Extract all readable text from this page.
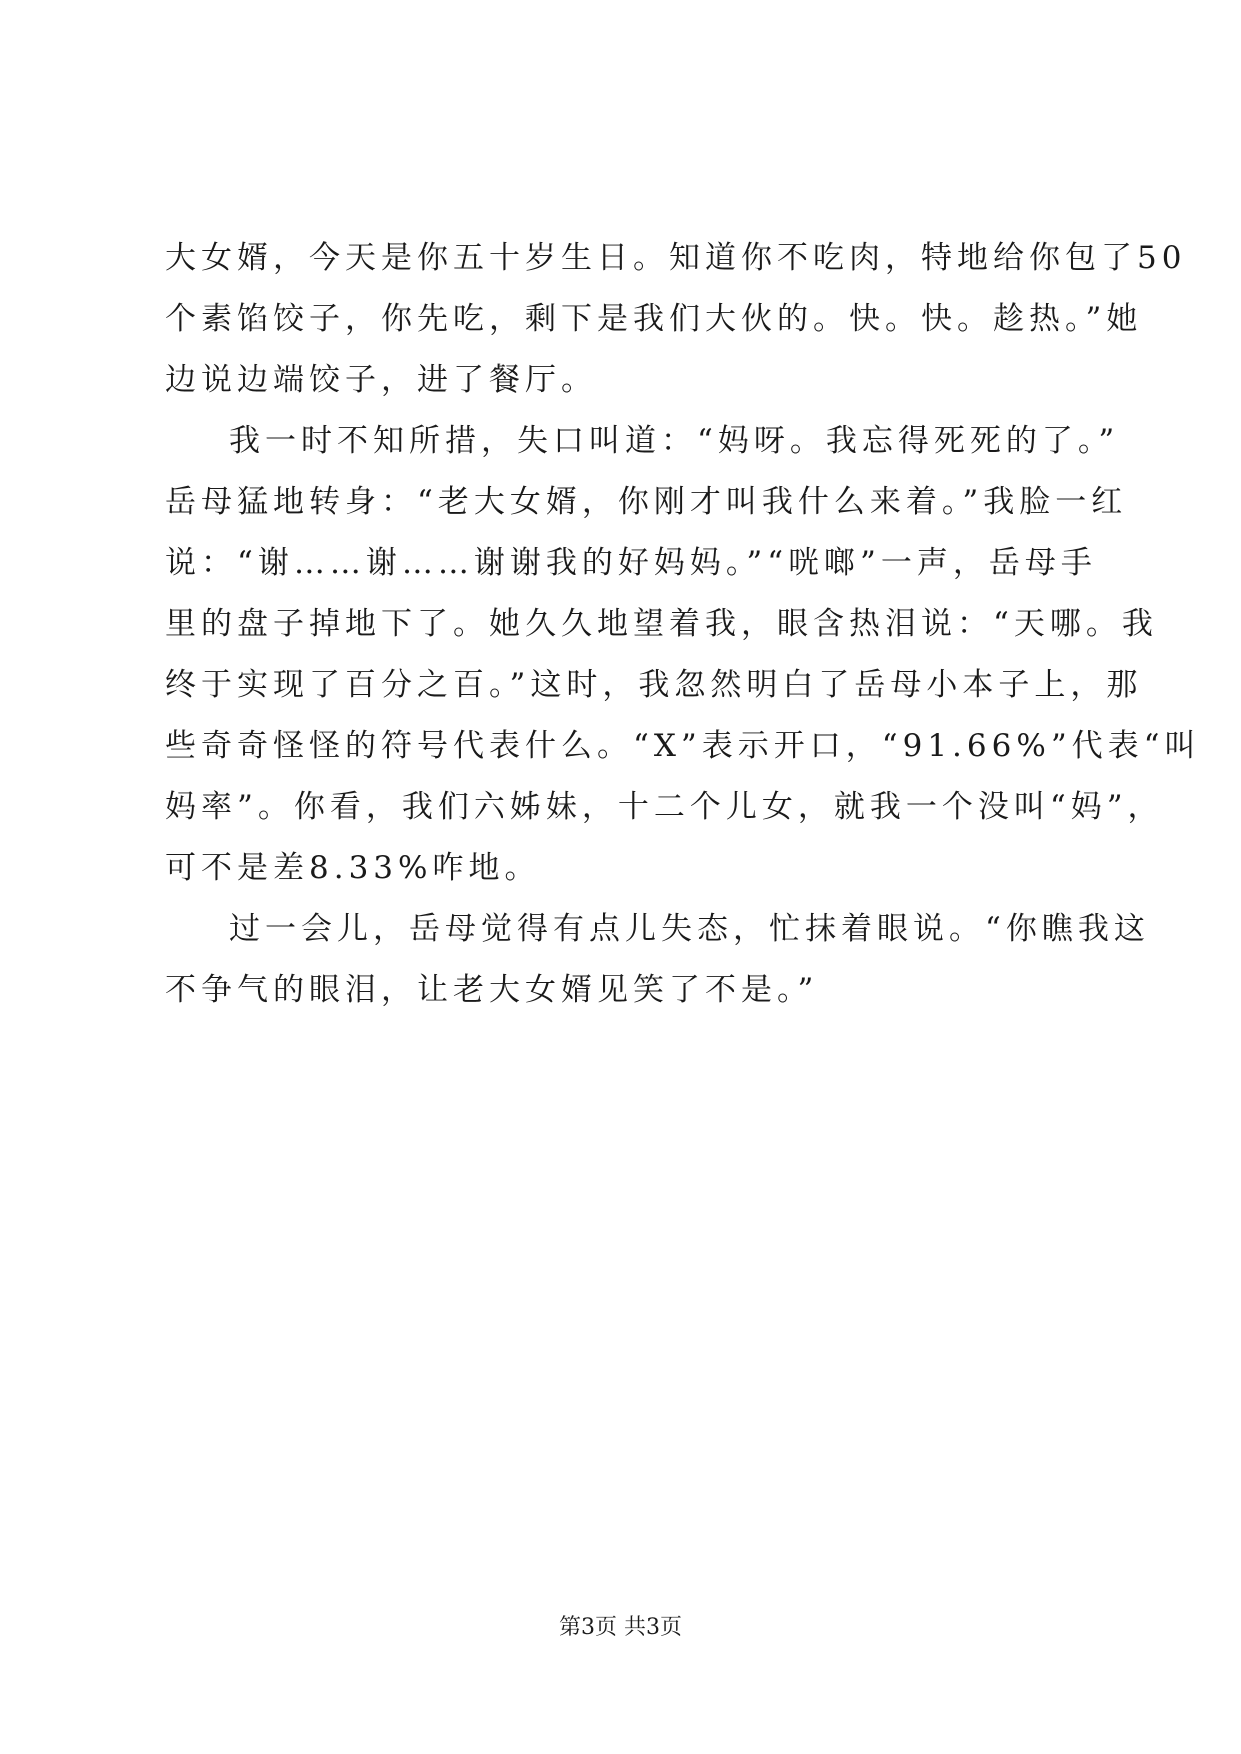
大女婿，今天是你五十岁生日。知道你不吃肉，特地给你包了50
个素馅饺子，你先吃，剩下是我们大伙的。快。快。趁热。”她
边说边端饺子，进了餐厅。
我一时不知所措，失口叫道：“妈呀。我忘得死死的了。”
岳母猛地转身：“老大女婿，你刚才叫我什么来着。”我脸一红
说：“谢……谢……谢谢我的好妈妈。”“咣啷”一声，岳母手
里的盘子掉地下了。她久久地望着我，眼含热泪说：“天哪。我
终于实现了百分之百。”这时，我忽然明白了岳母小本子上，那
些奇奇怪怪的符号代表什么。“X”表示开口，“91.66%”代表“叫
妈率”。你看，我们六姊妹，十二个儿女，就我一个没叫“妈”，
可不是差8.33%咋地。
过一会儿，岳母觉得有点儿失态，忙抹着眼说。“你瞧我这
不争气的眼泪，让老大女婿见笑了不是。”
第3页 共3页
